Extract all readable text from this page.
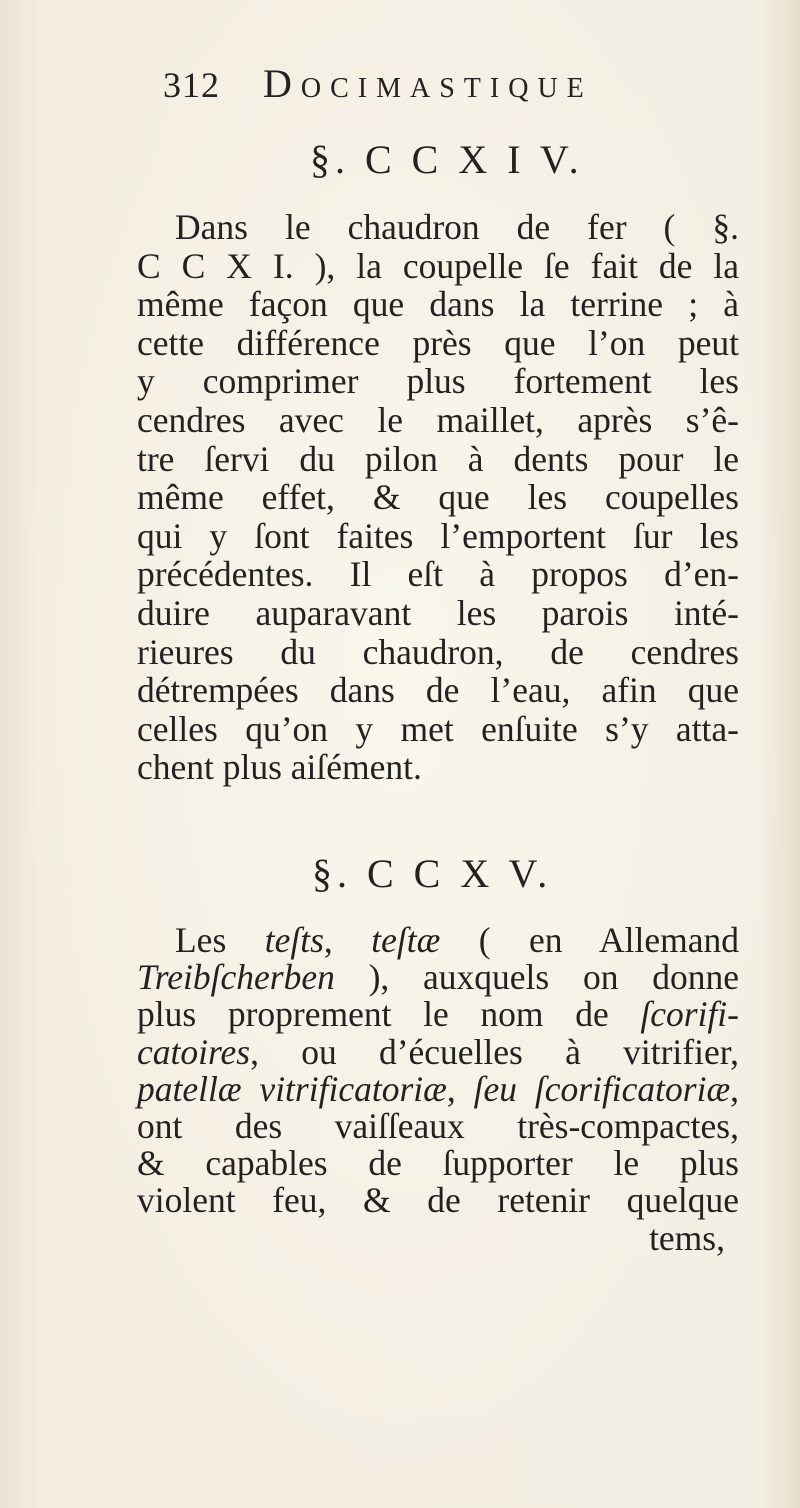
312 Docimastique
§. C C X I V.
Dans le chaudron de fer ( §.
C C X I. ), la coupelle ſe fait de la
même façon que dans la terrine ; à
cette différence près que l’on peut
y comprimer plus fortement les
cendres avec le maillet, après s’ê-
tre ſervi du pilon à dents pour le
même effet, & que les coupelles
qui y ſont faites l’emportent ſur les
précédentes. Il eſt à propos d’en-
duire auparavant les parois inté-
rieures du chaudron, de cendres
détrempées dans de l’eau, afin que
celles qu’on y met enſuite s’y atta-
chent plus aiſément.
§. C C X V.
Les teſts, teſtæ ( en Allemand
Treibſcherben ), auxquels on donne
plus proprement le nom de ſcorifi-
catoires, ou d’écuelles à vitrifier,
patellæ vitrificatoriæ, ſeu ſcorificatoriæ,
ont des vaiſſeaux très-compactes,
& capables de ſupporter le plus
violent feu, & de retenir quelque
tems,
